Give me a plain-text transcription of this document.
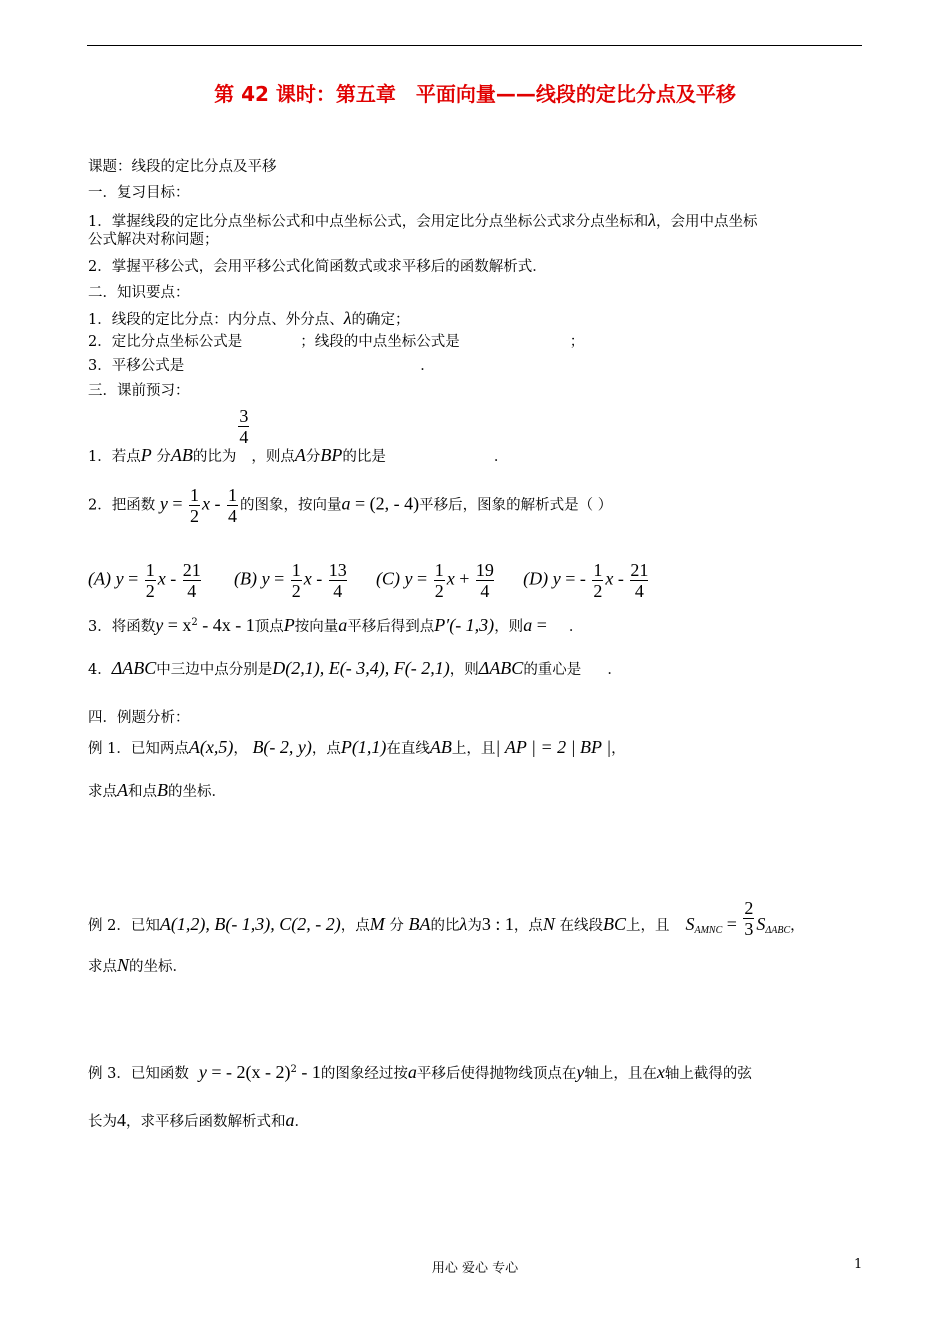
第 42 课时：第五章　平面向量——线段的定比分点及平移
课题：线段的定比分点及平移
一．复习目标：
1．掌握线段的定比分点坐标公式和中点坐标公式，会用定比分点坐标公式求分点坐标和λ，会用中点坐标
公式解决对称问题；
2．掌握平移公式，会用平移公式化简函数式或求平移后的函数解析式．
二．知识要点：
1．线段的定比分点：内分点、外分点、λ的确定；
2．定比分点坐标公式是	；线段的中点坐标公式是	；
3．平移公式是	．
三．课前预习：
1．若点P 分AB的比为
$\frac{3}{4}$
，则点A分BP的比是	．
2．把函数 $y = \frac{1}{2}$ x - $\frac{1}{4}$ 的图象，按向量a = (2, - 4)平移后，图象的解析式是（ ）
(A) $y = \frac{1}{2}$ $x - \frac{21}{4} (B) y = \frac{1}{2}$ $x - \frac{13}{4} (C) y = \frac{1}{2}$ $x + \frac{19}{4} (D) y$ = - $\frac{1}{2}$ x - $\frac{21}{4}$
3．将函数$y = x^2 - 4x - 1$顶点P按向量a平移后得到点P′(- 1,3)，则a = ．
4．ΔABC中三边中点分别是D(2,1), E(- 3,4), F(- 2,1)，则ΔABC的重心是 ．
四．例题分析：
例 1．已知两点A(x,5)， B(- 2, y)，点P(1,1)在直线AB上，且| AP | = 2 | BP |，
求点A和点B的坐标．
例 2．已知A(1,2), B(- 1,3), C(2, - 2)，点M 分 BA的比λ为3 : 1，点N 在线段BC上，且 $S_{AMNC} = \frac{2}{3} S_{\Delta ABC}$，
求点N的坐标．
例 3．已知函数 y = - 2(x - 2)$^2$ - 1的图象经过按a平移后使得抛物线顶点在y轴上，且在x轴上截得的弦
长为4，求平移后函数解析式和a．
用心 爱心 专心	1
